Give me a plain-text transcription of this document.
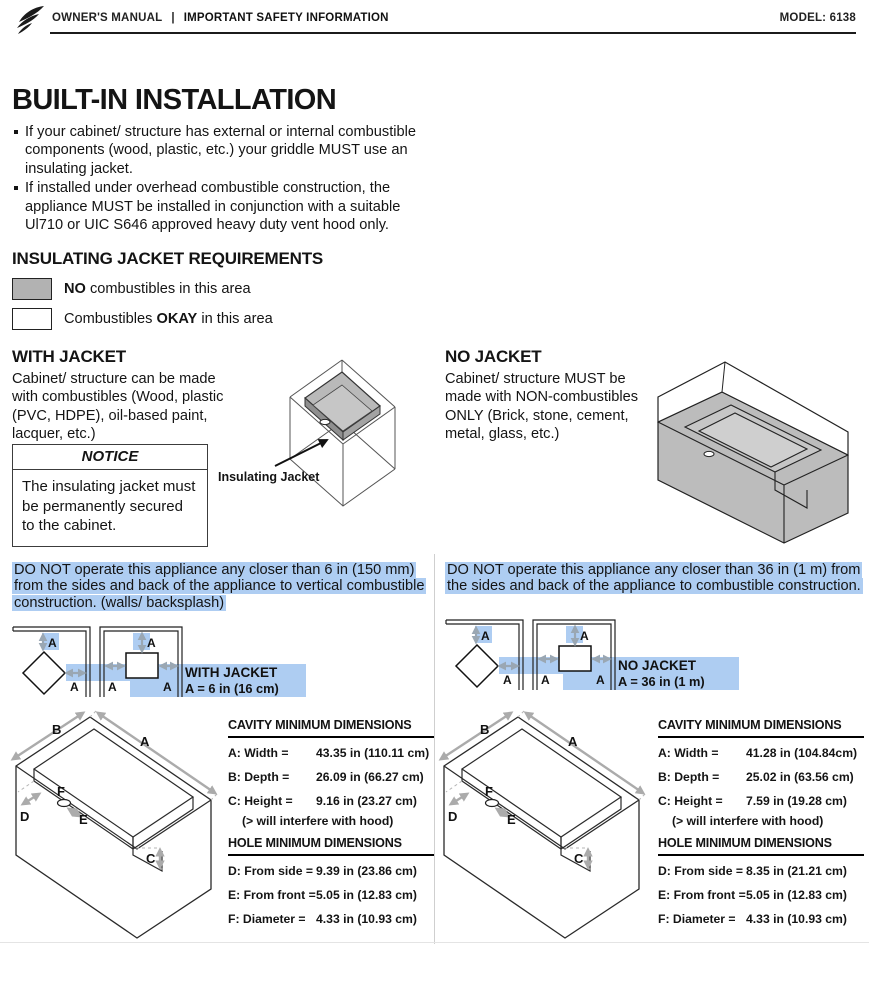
OWNER'S MANUAL | IMPORTANT SAFETY INFORMATION	MODEL: 6138
BUILT-IN INSTALLATION
If your cabinet/ structure has external or internal combustible components (wood, plastic, etc.) your griddle MUST use an insulating jacket.
If installed under overhead combustible construction, the appliance MUST be installed in conjunction with a suitable Ul710 or UIC S646 approved heavy duty vent hood only.
INSULATING JACKET REQUIREMENTS
NO combustibles in this area
Combustibles OKAY in this area
WITH JACKET
Cabinet/ structure can be made with combustibles (Wood, plastic (PVC, HDPE), oil-based paint, lacquer, etc.)
NOTICE
The insulating jacket must be permanently secured to the cabinet.
Insulating Jacket
DO NOT operate this appliance any closer than 6 in (150 mm) from the sides and back of the appliance to vertical combustible construction. (walls/ backsplash)
A	A
A A	A
WITH JACKET
A = 6 in (16 cm)
A
B
C
D	E
F
CAVITY MINIMUM DIMENSIONS
A: Width =	43.35 in (110.11 cm)
B: Depth =	26.09 in (66.27 cm)
C: Height =	9.16 in (23.27 cm)
(> will interfere with hood)
HOLE MINIMUM DIMENSIONS
D: From side = 9.39 in (23.86 cm)
E: From front = 5.05 in (12.83 cm)
F: Diameter = 4.33 in (10.93 cm)
NO JACKET
Cabinet/ structure MUST be made with NON-combustibles ONLY (Brick, stone, cement, metal, glass, etc.)
DO NOT operate this appliance any closer than 36 in (1 m) from the sides and back of the appliance to combustible construction.
A	A
A A	A
NO JACKET
A = 36 in (1 m)
A
B
C
D	E
F
CAVITY MINIMUM DIMENSIONS
A: Width =	41.28 in (104.84cm)
B: Depth =	25.02 in (63.56 cm)
C: Height =	7.59 in (19.28 cm)
(> will interfere with hood)
HOLE MINIMUM DIMENSIONS
D: From side = 8.35 in (21.21 cm)
E: From front = 5.05 in (12.83 cm)
F: Diameter = 4.33 in (10.93 cm)
